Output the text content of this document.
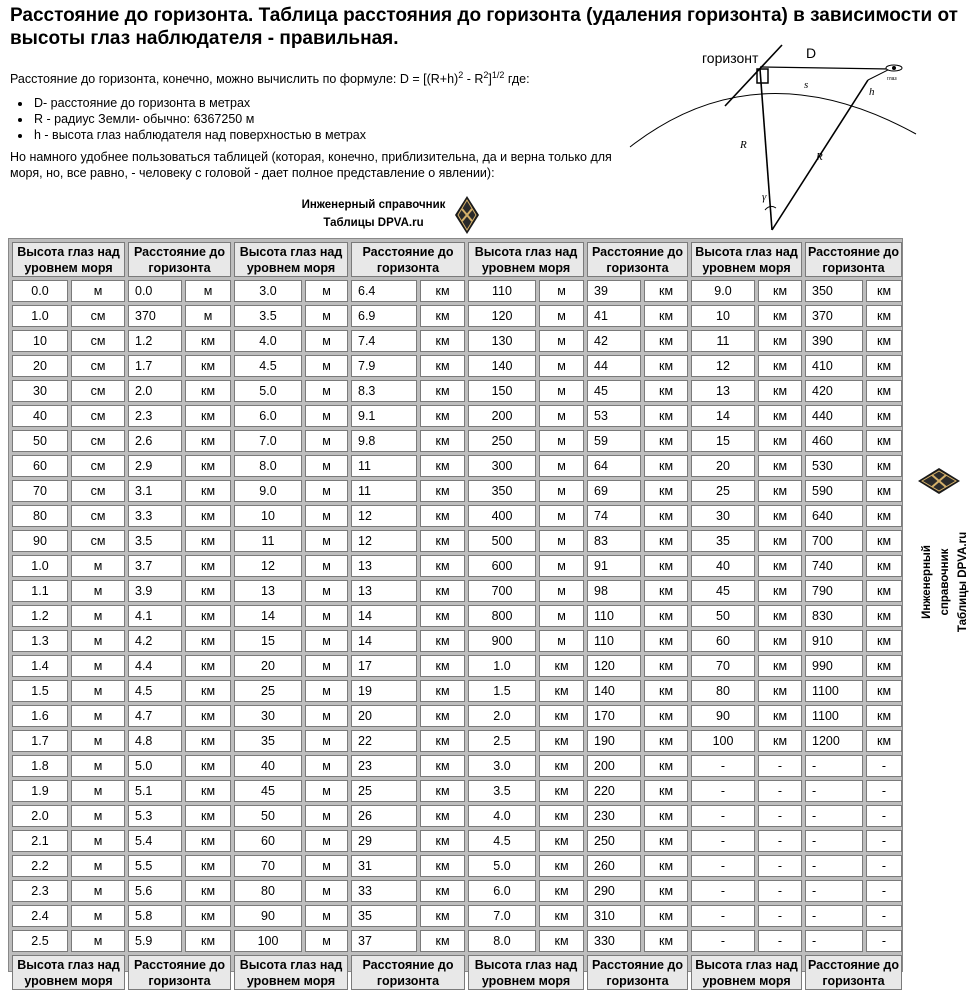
Расстояние до горизонта. Таблица расстояния до горизонта (удаления горизонта) в зависимости от высоты глаз наблюдателя - правильная.

Расстояние до горизонта, конечно, можно вычислить по формуле: $D = [(R+h)^2 - R^2]^{1/2}$ где:

• D- расстояние до горизонта в метрах
• R - радиус Земли- обычно: 6367250 м
• h - высота глаз наблюдателя над поверхностью в метрах

Но намного удобнее пользоваться таблицей (которая, конечно, приблизительна, да и верна только для моря, но, все равно, - человеку с головой - дает полное представление о явлении):

Инженерный справочник
Таблицы DPVA.ru
горизонт	D
глаз
s
h
R
R
γ
Инженерный справочник Таблицы DPVA.ru
Высота глаз над уровнем моря		Расстояние до горизонта		Высота глаз над уровнем моря		Расстояние до горизонта		Высота глаз над уровнем моря		Расстояние до горизонта		Высота глаз над уровнем моря		Расстояние до горизонта	
0.0	м	0.0	м	3.0	м	6.4	км	110	м	39	км	9.0	км	350	км
1.0	см	370	м	3.5	м	6.9	км	120	м	41	км	10	км	370	км
10	см	1.2	км	4.0	м	7.4	км	130	м	42	км	11	км	390	км
20	см	1.7	км	4.5	м	7.9	км	140	м	44	км	12	км	410	км
30	см	2.0	км	5.0	м	8.3	км	150	м	45	км	13	км	420	км
40	см	2.3	км	6.0	м	9.1	км	200	м	53	км	14	км	440	км
50	см	2.6	км	7.0	м	9.8	км	250	м	59	км	15	км	460	км
60	см	2.9	км	8.0	м	11	км	300	м	64	км	20	км	530	км
70	см	3.1	км	9.0	м	11	км	350	м	69	км	25	км	590	км
80	см	3.3	км	10	м	12	км	400	м	74	км	30	км	640	км
90	см	3.5	км	11	м	12	км	500	м	83	км	35	км	700	км
1.0	м	3.7	км	12	м	13	км	600	м	91	км	40	км	740	км
1.1	м	3.9	км	13	м	13	км	700	м	98	км	45	км	790	км
1.2	м	4.1	км	14	м	14	км	800	м	110	км	50	км	830	км
1.3	м	4.2	км	15	м	14	км	900	м	110	км	60	км	910	км
1.4	м	4.4	км	20	м	17	км	1.0	км	120	км	70	км	990	км
1.5	м	4.5	км	25	м	19	км	1.5	км	140	км	80	км	1100	км
1.6	м	4.7	км	30	м	20	км	2.0	км	170	км	90	км	1100	км
1.7	м	4.8	км	35	м	22	км	2.5	км	190	км	100	км	1200	км
1.8	м	5.0	км	40	м	23	км	3.0	км	200	км	-	-	-	-
1.9	м	5.1	км	45	м	25	км	3.5	км	220	км	-	-	-	-
2.0	м	5.3	км	50	м	26	км	4.0	км	230	км	-	-	-	-
2.1	м	5.4	км	60	м	29	км	4.5	км	250	км	-	-	-	-
2.2	м	5.5	км	70	м	31	км	5.0	км	260	км	-	-	-	-
2.3	м	5.6	км	80	м	33	км	6.0	км	290	км	-	-	-	-
2.4	м	5.8	км	90	м	35	км	7.0	км	310	км	-	-	-	-
2.5	м	5.9	км	100	м	37	км	8.0	км	330	км	-	-	-	-
Высота глаз над уровнем моря		Расстояние до горизонта		Высота глаз над уровнем моря		Расстояние до горизонта		Высота глаз над уровнем моря		Расстояние до горизонта		Высота глаз над уровнем моря		Расстояние до горизонта	
